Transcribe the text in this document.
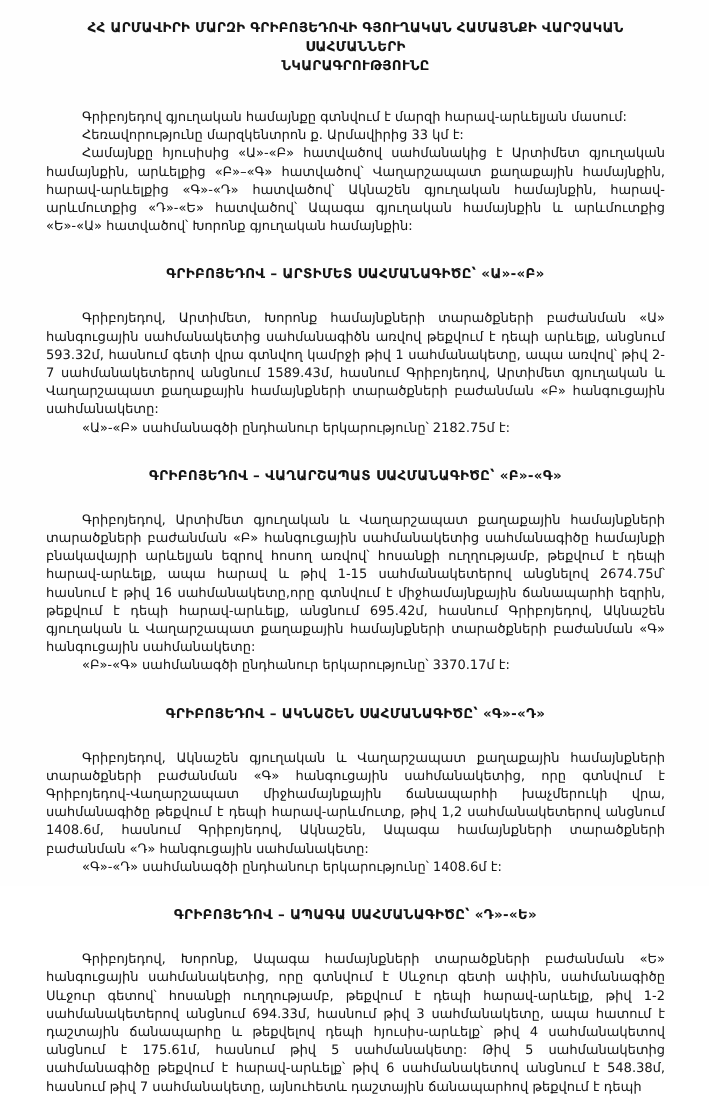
ՀՀ ԱՐՄԱՎԻՐԻ ՄԱՐԶԻ ԳՐԻԲՈՅԵԴՈՎԻ ԳՅՈՒՂԱԿԱՆ ՀԱՄԱՅՆՔԻ ՎԱՐՉԱԿԱՆ ՍԱՀՄԱՆՆԵՐԻ
ՆԿԱՐԱԳՐՈՒԹՅՈՒՆԸ

Գրիբոյեդով գյուղական համայնքը գտնվում է մարզի հարավ-արևելյան մասում:

Հեռավորությունը մարզկենտրոն ք. Արմավիրից 33 կմ է:

Համայնքը հյուսիսից «Ա»-«Բ» հատվածով սահմանակից է Արտիմետ գյուղական համայնքին, արևելքից «Բ»–«Գ» հատվածով՝ Վաղարշապատ քաղաքային համայնքին, հարավ-արևելքից «Գ»-«Դ» հատվածով՝ Ակնաշեն գյուղական համայնքին, հարավ-արևմուտքից «Դ»-«Ե» հատվածով՝ Ապագա գյուղական համայնքին և արևմուտքից «Ե»-«Ա» հատվածով՝ Խորոնք գյուղական համայնքին:

ԳՐԻԲՈՅԵԴՈՎ – ԱՐՏԻՄԵՏ ՍԱՀՄԱՆԱԳԻԾԸ՝ «Ա»-«Բ»

Գրիբոյեդով, Արտիմետ, Խորոնք համայնքների տարածքների բաժանման «Ա» հանգուցային սահմանակետից սահմանագիծն առվով թեքվում է դեպի արևելք, անցնում 593.32մ, հասնում գետի վրա գտնվող կամրջի թիվ 1 սահմանակետը, ապա առվով՝ թիվ 2-7 սահմանակետերով անցնում 1589.43մ, հասնում Գրիբոյեդով, Արտիմետ գյուղական և Վաղարշապատ քաղաքային համայնքների տարածքների բաժանման «Բ» հանգուցային սահմանակետը:

«Ա»-«Բ» սահմանագծի ընդհանուր երկարությունը՝ 2182.75մ է:

ԳՐԻԲՈՅԵԴՈՎ – ՎԱՂԱՐՇԱՊԱՏ ՍԱՀՄԱՆԱԳԻԾԸ՝ «Բ»-«Գ»

Գրիբոյեդով, Արտիմետ գյուղական և Վաղարշապատ քաղաքային համայնքների տարածքների բաժանման «Բ» հանգուցային սահմանակետից սահմանագիծը համայնքի բնակավայրի արևելյան եզրով հոսող առվով՝ հոսանքի ուղղությամբ, թեքվում է դեպի հարավ-արևելք, ապա հարավ և թիվ 1-15 սահմանակետերով անցնելով 2674.75մ՝ հասնում է թիվ 16 սահմանակետը,որը գտնվում է միջհամայնքային ճանապարհի եզրին, թեքվում է դեպի հարավ-արևելք, անցնում 695.42մ, հասնում Գրիբոյեդով, Ակնաշեն գյուղական և Վաղարշապատ քաղաքային համայնքների տարածքների բաժանման «Գ» հանգուցային սահմանակետը:

«Բ»-«Գ» սահմանագծի ընդհանուր երկարությունը՝ 3370.17մ է:

ԳՐԻԲՈՅԵԴՈՎ – ԱԿՆԱՇԵՆ ՍԱՀՄԱՆԱԳԻԾԸ՝ «Գ»-«Դ»

Գրիբոյեդով, Ակնաշեն գյուղական և Վաղարշապատ քաղաքային համայնքների տարածքների բաժանման «Գ» հանգուցային սահմանակետից, որը գտնվում է Գրիբոյեդով-Վաղարշապատ միջհամայնքային ճանապարհի խաչմերուկի վրա, սահմանագիծը թեքվում է դեպի հարավ-արևմուտք, թիվ 1,2 սահմանակետերով անցնում 1408.6մ, հասնում Գրիբոյեդով, Ակնաշեն, Ապագա համայնքների տարածքների բաժանման «Դ» հանգուցային սահմանակետը:

«Գ»-«Դ» սահմանագծի ընդհանուր երկարությունը՝ 1408.6մ է:

ԳՐԻԲՈՅԵԴՈՎ – ԱՊԱԳԱ ՍԱՀՄԱՆԱԳԻԾԸ՝ «Դ»-«Ե»

Գրիբոյեդով, Խորոնք, Ապագա համայնքների տարածքների բաժանման «Ե» հանգուցային սահմանակետից, որը գտնվում է Սևջուր գետի ափին, սահմանագիծը Սևջուր գետով՝ հոսանքի ուղղությամբ, թեքվում է դեպի հարավ-արևելք, թիվ 1-2 սահմանակետերով անցնում 694.33մ, հասնում թիվ 3 սահմանակետը, ապա հատում է դաշտային ճանապարհը և թեքվելով դեպի հյուսիս-արևելք՝ թիվ 4 սահմանակետով անցնում է 175.61մ, հասնում թիվ 5 սահմանակետը: Թիվ 5 սահմանակետից սահմանագիծը թեքվում է հարավ-արևելք՝ թիվ 6 սահմանակետով անցնում է 548.38մ, հասնում թիվ 7 սահմանակետը, այնուհետև դաշտային ճանապարհով թեքվում է դեպի
